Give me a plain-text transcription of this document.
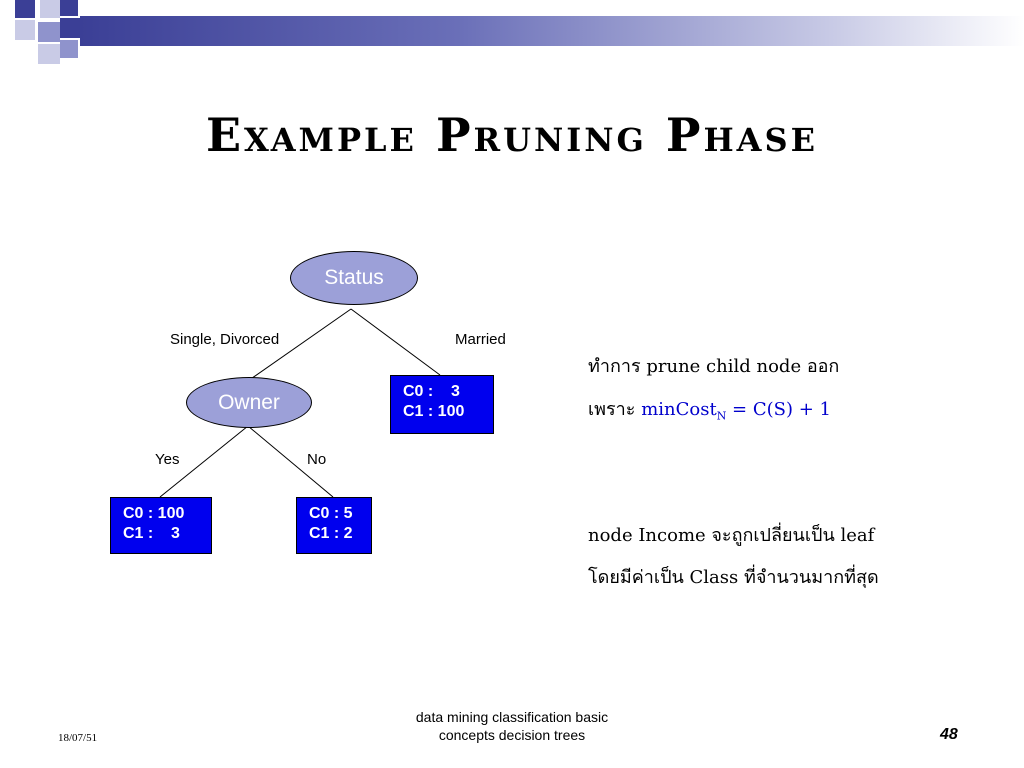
Example Pruning Phase
Status
Owner
Single, Divorced	Married
Yes	No
C0 :    3
C1 : 100
C0 : 100
C1 :    3
C0 : 5
C1 : 2
ทำการ prune child node ออก
เพราะ minCost$_N$ = C(S) + 1
node Income จะถูกเปลี่ยนเป็น leaf
โดยมีค่าเป็น Class ที่จำนวนมากที่สุด
18/07/51
data mining classification basic
concepts decision trees	48
